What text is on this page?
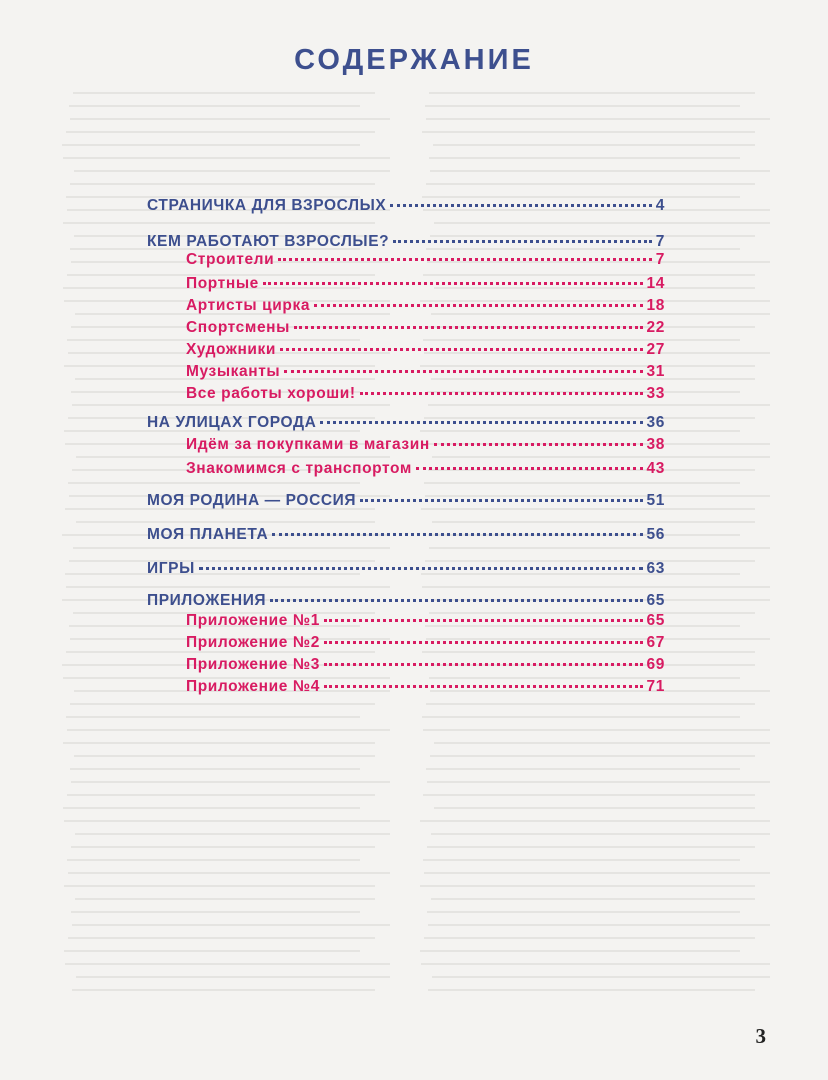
СОДЕРЖАНИЕ
СТРАНИЧКА ДЛЯ ВЗРОСЛЫХ	4
КЕМ РАБОТАЮТ ВЗРОСЛЫЕ?	7
Строители	7
Портные	14
Артисты цирка	18
Спортсмены	22
Художники	27
Музыканты	31
Все работы хороши!	33
НА УЛИЦАХ ГОРОДА	36
Идём за покупками в магазин	38
Знакомимся с транспортом	43
МОЯ РОДИНА — РОССИЯ	51
МОЯ ПЛАНЕТА	56
ИГРЫ	63
ПРИЛОЖЕНИЯ	65
Приложение №1	65
Приложение №2	67
Приложение №3	69
Приложение №4	71
3
